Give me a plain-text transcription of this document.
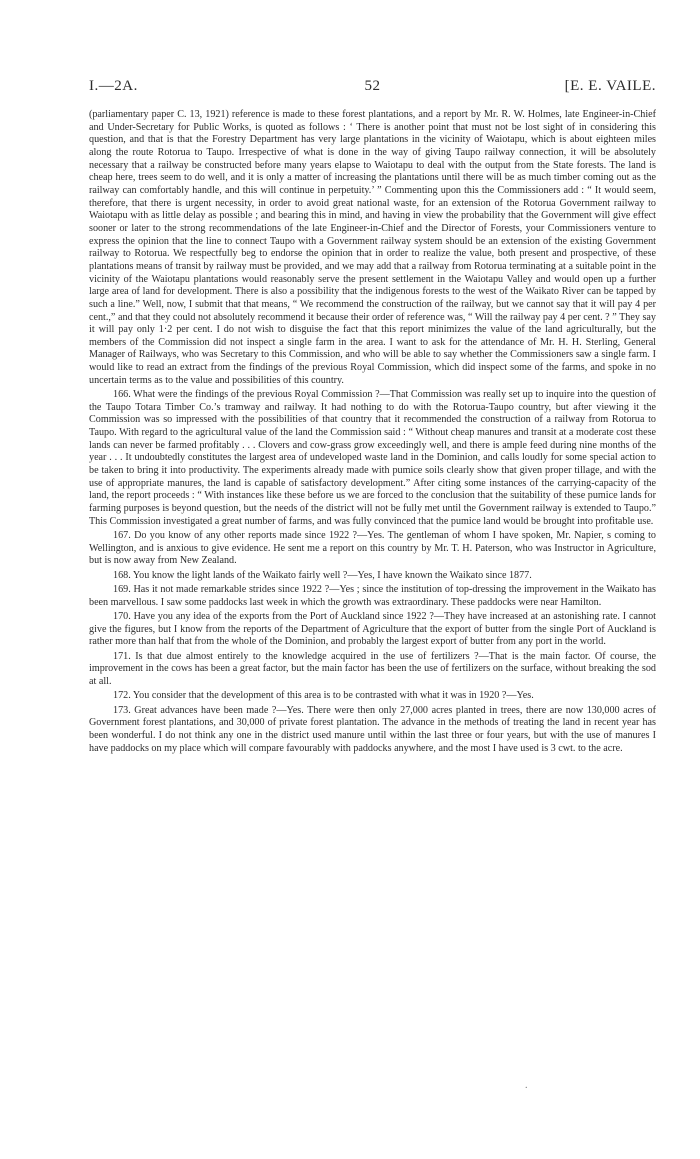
I.—2A.	52	[E. E. VAILE.

(parliamentary paper C. 13, 1921) reference is made to these forest plantations, and a report by Mr. R. W. Holmes, late Engineer-in-Chief and Under-Secretary for Public Works, is quoted as follows : ‘ There is another point that must not be lost sight of in considering this question, and that is that the Forestry Department has very large plantations in the vicinity of Waiotapu, which is about eighteen miles along the route Rotorua to Taupo. Irrespective of what is done in the way of giving Taupo railway connection, it will be absolutely necessary that a railway be constructed before many years elapse to Waiotapu to deal with the output from the State forests. The land is cheap here, trees seem to do well, and it is only a matter of increasing the plantations until there will be as much timber coming out as the railway can comfortably handle, and this will continue in perpetuity.’ ” Commenting upon this the Commissioners add : “ It would seem, therefore, that there is urgent necessity, in order to avoid great national waste, for an extension of the Rotorua Government railway to Waiotapu with as little delay as possible ; and bearing this in mind, and having in view the probability that the Government will give effect sooner or later to the strong recommendations of the late Engineer-in-Chief and the Director of Forests, your Commissioners venture to express the opinion that the line to connect Taupo with a Government railway system should be an extension of the existing Government railway to Rotorua. We respectfully beg to endorse the opinion that in order to realize the value, both present and prospective, of these plantations means of transit by railway must be provided, and we may add that a railway from Rotorua terminating at a suitable point in the vicinity of the Waiotapu plantations would reasonably serve the present settlement in the Waiotapu Valley and would open up a further large area of land for development. There is also a possibility that the indigenous forests to the west of the Waikato River can be tapped by such a line.” Well, now, I submit that that means, “ We recommend the construction of the railway, but we cannot say that it will pay 4 per cent.,” and that they could not absolutely recommend it because their order of reference was, “ Will the railway pay 4 per cent. ? ” They say it will pay only 1·2 per cent. I do not wish to disguise the fact that this report minimizes the value of the land agriculturally, but the members of the Commission did not inspect a single farm in the area. I want to ask for the attendance of Mr. H. H. Sterling, General Manager of Railways, who was Secretary to this Commission, and who will be able to say whether the Commissioners saw a single farm. I would like to read an extract from the findings of the previous Royal Commission, which did inspect some of the farms, and spoke in no uncertain terms as to the value and possibilities of this country.

166. What were the findings of the previous Royal Commission ?—That Commission was really set up to inquire into the question of the Taupo Totara Timber Co.’s tramway and railway. It had nothing to do with the Rotorua-Taupo country, but after viewing it the Commission was so impressed with the possibilities of that country that it recommended the construction of a railway from Rotorua to Taupo. With regard to the agricultural value of the land the Commission said : “ Without cheap manures and transit at a moderate cost these lands can never be farmed profitably . . . Clovers and cow-grass grow exceedingly well, and there is ample feed during nine months of the year . . . It undoubtedly constitutes the largest area of undeveloped waste land in the Dominion, and calls loudly for some special action to be taken to bring it into productivity. The experiments already made with pumice soils clearly show that given proper tillage, and with the use of appropriate manures, the land is capable of satisfactory development.” After citing some instances of the carrying-capacity of the land, the report proceeds : “ With instances like these before us we are forced to the conclusion that the suitability of these pumice lands for farming purposes is beyond question, but the needs of the district will not be fully met until the Government railway is extended to Taupo.” This Commission investigated a great number of farms, and was fully convinced that the pumice land would be brought into profitable use.

167. Do you know of any other reports made since 1922 ?—Yes. The gentleman of whom I have spoken, Mr. Napier, s coming to Wellington, and is anxious to give evidence. He sent me a report on this country by Mr. T. H. Paterson, who was Instructor in Agriculture, but is now away from New Zealand.

168. You know the light lands of the Waikato fairly well ?—Yes, I have known the Waikato since 1877.

169. Has it not made remarkable strides since 1922 ?—Yes ; since the institution of top-dressing the improvement in the Waikato has been marvellous. I saw some paddocks last week in which the growth was extraordinary. These paddocks were near Hamilton.

170. Have you any idea of the exports from the Port of Auckland since 1922 ?—They have increased at an astonishing rate. I cannot give the figures, but I know from the reports of the Department of Agriculture that the export of butter from the single Port of Auckland is rather more than half that from the whole of the Dominion, and probably the largest export of butter from any port in the world.

171. Is that due almost entirely to the knowledge acquired in the use of fertilizers ?—That is the main factor. Of course, the improvement in the cows has been a great factor, but the main factor has been the use of fertilizers on the surface, without breaking the sod at all.

172. You consider that the development of this area is to be contrasted with what it was in 1920 ?—Yes.

173. Great advances have been made ?—Yes. There were then only 27,000 acres planted in trees, there are now 130,000 acres of Government forest plantations, and 30,000 of private forest plantation. The advance in the methods of treating the land in recent year has been wonderful. I do not think any one in the district used manure until within the last three or four years, but with the use of manures I have paddocks on my place which will compare favourably with paddocks anywhere, and the most I have used is 3 cwt. to the acre.

.
